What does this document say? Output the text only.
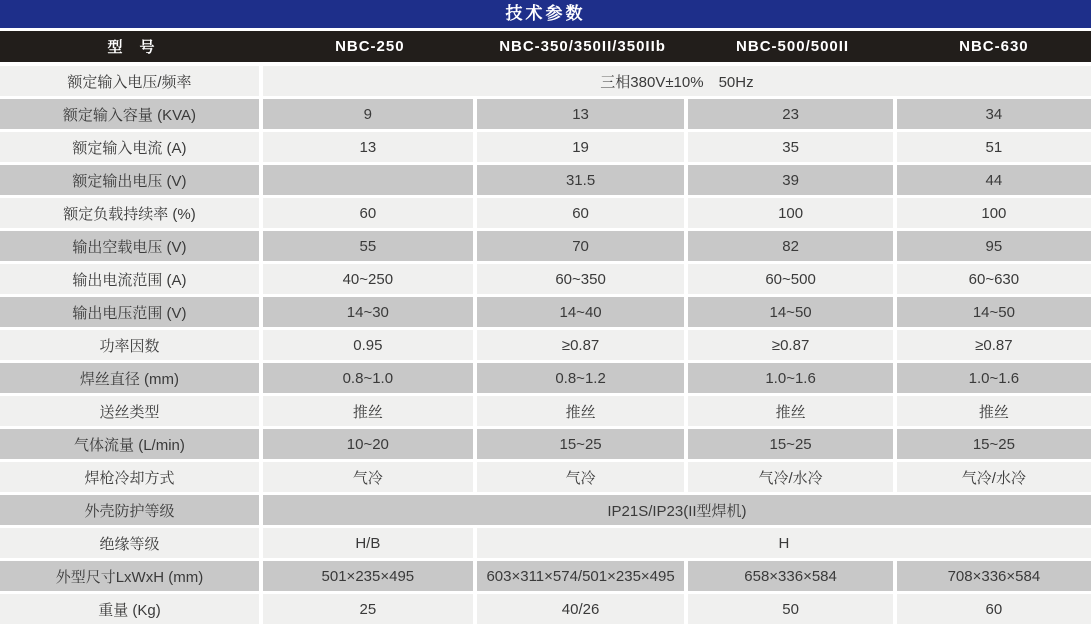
技术参数
型　号	NBC-250	NBC-350/350II/350IIb	NBC-500/500II	NBC-630
额定输入电压/频率	三相380V±10%　50Hz			
额定输入容量 (KVA)	9	13	23	34
额定输入电流 (A)	13	19	35	51
额定输出电压 (V)		31.5	39	44
额定负载持续率 (%)	60	60	100	100
输出空载电压 (V)	55	70	82	95
输出电流范围 (A)	40~250	60~350	60~500	60~630
输出电压范围 (V)	14~30	14~40	14~50	14~50
功率因数	0.95	≥0.87	≥0.87	≥0.87
焊丝直径 (mm)	0.8~1.0	0.8~1.2	1.0~1.6	1.0~1.6
送丝类型	推丝	推丝	推丝	推丝
气体流量 (L/min)	10~20	15~25	15~25	15~25
焊枪冷却方式	气冷	气冷	气冷/水冷	气冷/水冷
外壳防护等级	IP21S/IP23(II型焊机)			
绝缘等级	H/B	H		
外型尺寸LxWxH (mm)	501×235×495	603×311×574/501×235×495	658×336×584	708×336×584
重量 (Kg)	25	40/26	50	60
